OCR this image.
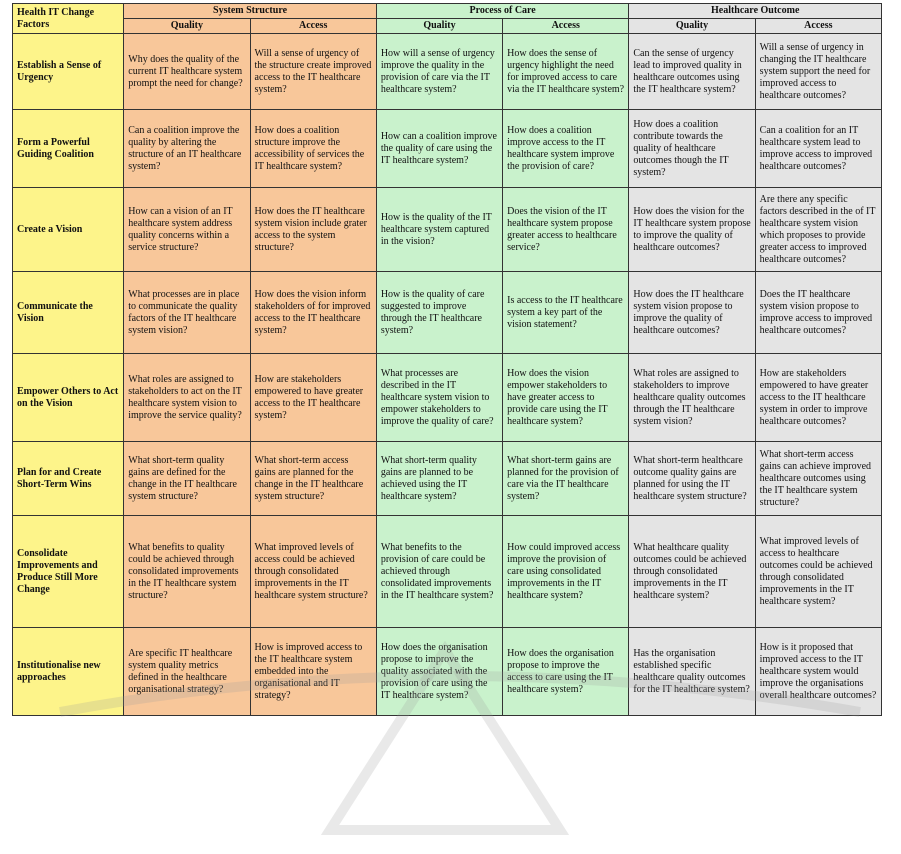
Health IT Change Factors	System Structure		Process of Care		Healthcare Outcome	
	Quality	Access	Quality	Access	Quality	Access
Establish a Sense of Urgency	Why does the quality of the current IT healthcare system prompt the need for change?	Will a sense of urgency of the structure create improved access to the IT healthcare system?	How will a sense of urgency improve the quality in the provision of care via the IT healthcare system?	How does the sense of urgency highlight the need for improved access to care via the IT healthcare system?	Can the sense of urgency lead to improved quality in healthcare outcomes using the IT healthcare system?	Will a sense of urgency in changing the IT healthcare system support the need for improved access to healthcare outcomes?
Form a Powerful Guiding Coalition	Can a coalition improve the quality by altering the structure of an IT healthcare system?	How does a coalition structure improve the accessibility of services the IT healthcare system?	How can a coalition improve the quality of care using the IT healthcare system?	How does a coalition improve access to the IT healthcare system improve the provision of care?	How does a coalition contribute towards the quality of healthcare outcomes though the IT system?	Can a coalition for an IT healthcare system lead to improve access to improved healthcare outcomes?
Create a Vision	How can a vision of an IT healthcare system address quality concerns within a service structure?	How does the IT healthcare system vision include grater access to the system structure?	How is the quality of the IT healthcare system captured in the vision?	Does the vision of the IT healthcare system propose greater access to healthcare service?	How does the vision for the IT healthcare system propose to improve the quality of healthcare outcomes?	Are there any specific factors described in the of IT healthcare system vision which proposes to provide greater access to improved healthcare outcomes?
Communicate the Vision	What processes are in place to communicate the quality factors of the IT healthcare system vision?	How does the vision inform stakeholders of for improved access to the IT healthcare system?	How is the quality of care suggested to improve through the IT healthcare system?	Is access to the IT healthcare system a key part of the vision statement?	How does the IT healthcare system vision propose to improve the quality of healthcare outcomes?	Does the IT healthcare system vision propose to improve access to improved healthcare outcomes?
Empower Others to Act on the Vision	What roles are assigned to stakeholders to act on the IT healthcare system vision to improve the service quality?	How are stakeholders empowered to have greater access to the IT healthcare system?	What processes are described in the IT healthcare system vision to empower stakeholders to improve the quality of care?	How does the vision empower stakeholders to have greater access to provide care using the IT healthcare system?	What roles are assigned to stakeholders to improve healthcare quality outcomes through the IT healthcare system vision?	How are stakeholders empowered to have greater access to the IT healthcare system in order to improve healthcare outcomes?
Plan for and Create Short-Term Wins	What short-term quality gains are defined for the change in the IT healthcare system structure?	What short-term access gains are planned for the change in the IT healthcare system structure?	What short-term quality gains are planned to be achieved using the IT healthcare system?	What short-term gains are planned for the provision of care via the IT healthcare system?	What short-term healthcare outcome quality gains are planned for using the IT healthcare system structure?	What short-term access gains can achieve improved healthcare outcomes using the IT healthcare system structure?
Consolidate Improvements and Produce Still More Change	What benefits to quality could be achieved through consolidated improvements in the IT healthcare system structure?	What improved levels of access could be achieved through consolidated improvements in the IT healthcare system structure?	What benefits to the provision of care could be achieved through consolidated improvements in the IT healthcare system?	How could improved access improve the provision of care using consolidated improvements in the IT healthcare system?	What healthcare quality outcomes could be achieved through consolidated improvements in the IT healthcare system?	What improved levels of access to healthcare outcomes could be achieved through consolidated improvements in the IT healthcare system?
Institutionalise new approaches	Are specific IT healthcare system quality metrics defined in the healthcare organisational strategy?	How is improved access to the IT healthcare system embedded into the organisational and IT strategy?	How does the organisation propose to improve the quality associated with the provision of care using the IT healthcare system?	How does the organisation propose to improve the access to care using the IT healthcare system?	Has the organisation established specific healthcare quality outcomes for the IT healthcare system?	How is it proposed that improved access to the IT healthcare system would improve the organisations overall healthcare outcomes?
